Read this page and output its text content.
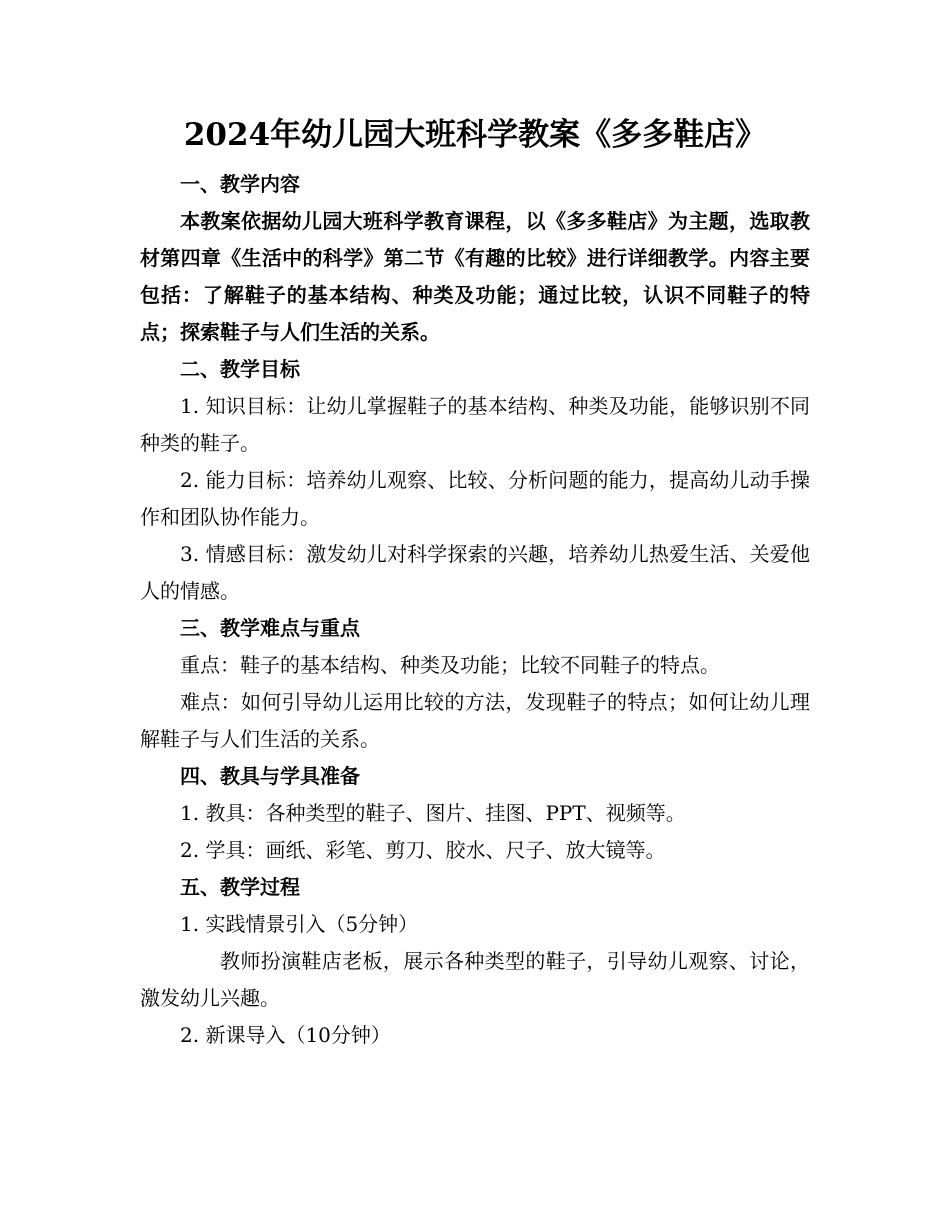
2024年幼儿园大班科学教案《多多鞋店》

一、教学内容

本教案依据幼儿园大班科学教育课程，以《多多鞋店》为主题，选取教材第四章《生活中的科学》第二节《有趣的比较》进行详细教学。内容主要包括：了解鞋子的基本结构、种类及功能；通过比较，认识不同鞋子的特点；探索鞋子与人们生活的关系。

二、教学目标

1. 知识目标：让幼儿掌握鞋子的基本结构、种类及功能，能够识别不同种类的鞋子。

2. 能力目标：培养幼儿观察、比较、分析问题的能力，提高幼儿动手操作和团队协作能力。

3. 情感目标：激发幼儿对科学探索的兴趣，培养幼儿热爱生活、关爱他人的情感。

三、教学难点与重点

重点：鞋子的基本结构、种类及功能；比较不同鞋子的特点。

难点：如何引导幼儿运用比较的方法，发现鞋子的特点；如何让幼儿理解鞋子与人们生活的关系。

四、教具与学具准备

1. 教具：各种类型的鞋子、图片、挂图、PPT、视频等。

2. 学具：画纸、彩笔、剪刀、胶水、尺子、放大镜等。

五、教学过程

1. 实践情景引入（5分钟）

教师扮演鞋店老板，展示各种类型的鞋子，引导幼儿观察、讨论，激发幼儿兴趣。

2. 新课导入（10分钟）
